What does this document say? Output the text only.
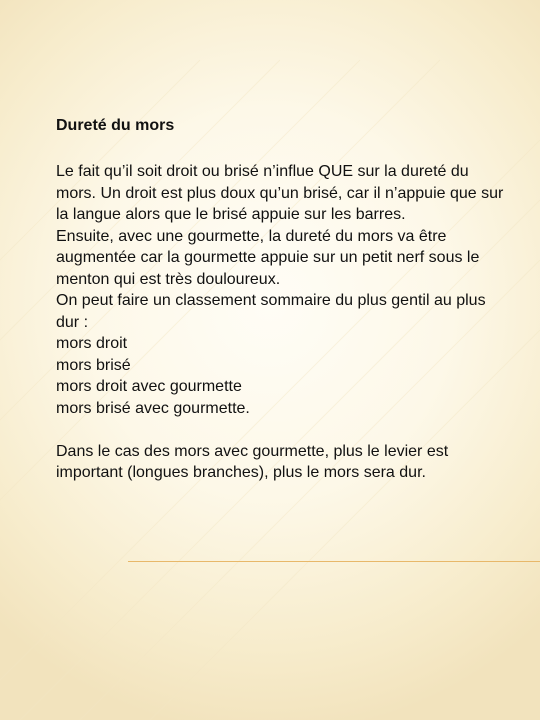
Dureté du mors

Le fait qu’il soit droit ou brisé n’influe QUE sur la dureté du mors. Un droit est plus doux qu’un brisé, car il n’appuie que sur la langue alors que le brisé appuie sur les barres.

Ensuite, avec une gourmette, la dureté du mors va être augmentée car la gourmette appuie sur un petit nerf sous le menton qui est très douloureux.

On peut faire un classement sommaire du plus gentil au plus dur :

mors droit

mors brisé

mors droit avec gourmette

mors brisé avec gourmette.

Dans le cas des mors avec gourmette, plus le levier est important (longues branches), plus le mors sera dur.
